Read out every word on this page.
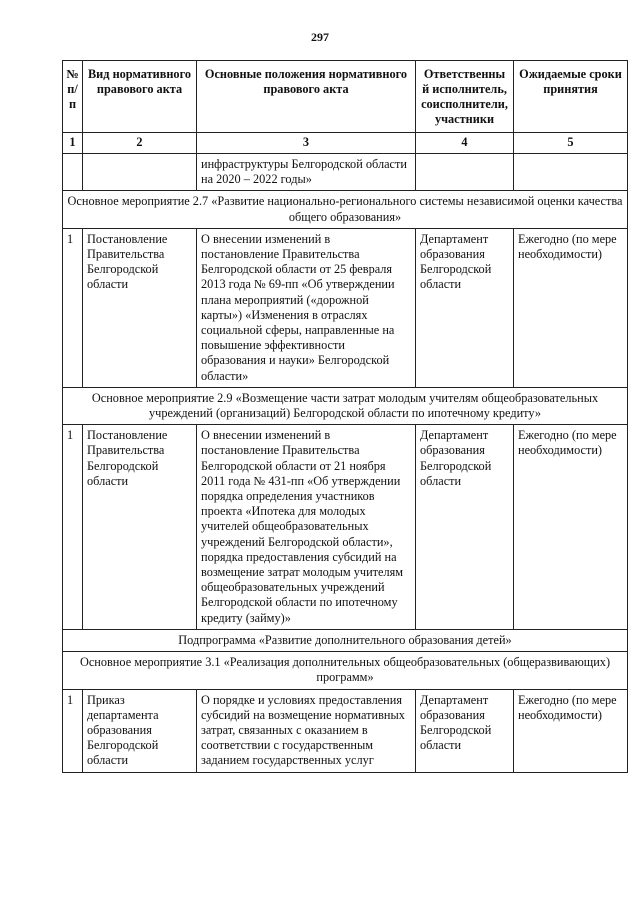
297
№ п/п	Вид нормативного правового акта	Основные положения нормативного правового акта	Ответственны й исполнитель, соисполнители, участники	Ожидаемые сроки принятия
1	2	3	4	5
		инфраструктуры Белгородской области на 2020 – 2022 годы»		
Основное мероприятие 2.7 «Развитие национально-регионального системы независимой оценки качества общего образования»				
1	Постановление Правительства Белгородской области	О внесении изменений в постановление Правительства Белгородской области от 25 февраля 2013 года № 69-пп «Об утверждении плана мероприятий («дорожной карты») «Изменения в отраслях социальной сферы, направленные на повышение эффективности образования и науки» Белгородской области»	Департамент образования Белгородской области	Ежегодно (по мере необходимости)
Основное мероприятие 2.9 «Возмещение части затрат молодым учителям общеобразовательных учреждений (организаций) Белгородской области по ипотечному кредиту»				
1	Постановление Правительства Белгородской области	О внесении изменений в постановление Правительства Белгородской области от 21 ноября 2011 года № 431-пп «Об утверждении порядка определения участников проекта «Ипотека для молодых учителей общеобразовательных учреждений Белгородской области», порядка предоставления субсидий на возмещение затрат молодым учителям общеобразовательных учреждений Белгородской области по ипотечному кредиту (займу)»	Департамент образования Белгородской области	Ежегодно (по мере необходимости)
Подпрограмма «Развитие дополнительного образования детей»				
Основное мероприятие 3.1 «Реализация дополнительных общеобразовательных (общеразвивающих) программ»				
1	Приказ департамента образования Белгородской области	О порядке и условиях предоставления субсидий на возмещение нормативных затрат, связанных с оказанием в соответствии с государственным заданием государственных услуг	Департамент образования Белгородской области	Ежегодно (по мере необходимости)
